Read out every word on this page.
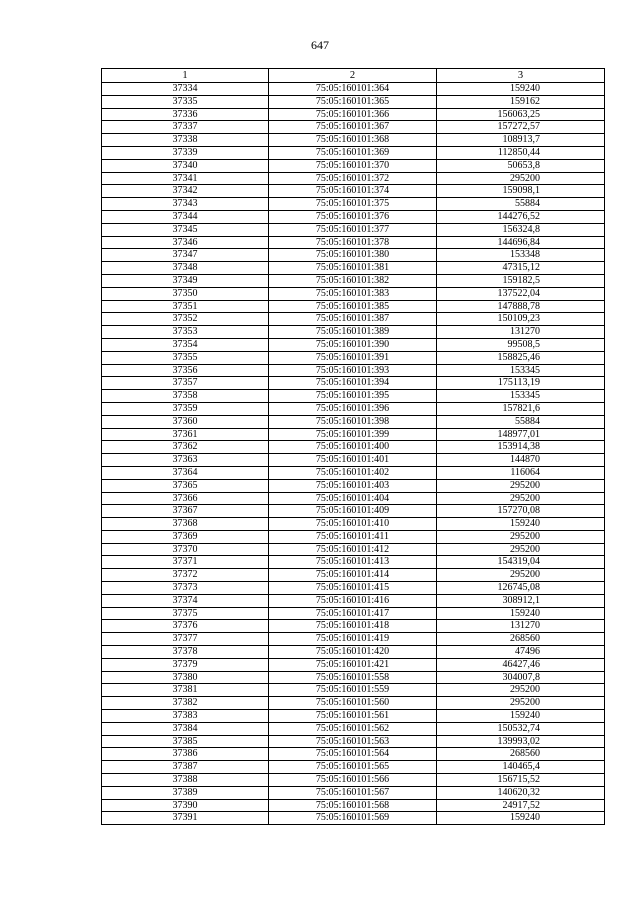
647
1	2	3
37334	75:05:160101:364	159240
37335	75:05:160101:365	159162
37336	75:05:160101:366	156063,25
37337	75:05:160101:367	157272,57
37338	75:05:160101:368	108913,7
37339	75:05:160101:369	112850,44
37340	75:05:160101:370	50653,8
37341	75:05:160101:372	295200
37342	75:05:160101:374	159098,1
37343	75:05:160101:375	55884
37344	75:05:160101:376	144276,52
37345	75:05:160101:377	156324,8
37346	75:05:160101:378	144696,84
37347	75:05:160101:380	153348
37348	75:05:160101:381	47315,12
37349	75:05:160101:382	159182,5
37350	75:05:160101:383	137522,04
37351	75:05:160101:385	147888,78
37352	75:05:160101:387	150109,23
37353	75:05:160101:389	131270
37354	75:05:160101:390	99508,5
37355	75:05:160101:391	158825,46
37356	75:05:160101:393	153345
37357	75:05:160101:394	175113,19
37358	75:05:160101:395	153345
37359	75:05:160101:396	157821,6
37360	75:05:160101:398	55884
37361	75:05:160101:399	148977,01
37362	75:05:160101:400	153914,38
37363	75:05:160101:401	144870
37364	75:05:160101:402	116064
37365	75:05:160101:403	295200
37366	75:05:160101:404	295200
37367	75:05:160101:409	157270,08
37368	75:05:160101:410	159240
37369	75:05:160101:411	295200
37370	75:05:160101:412	295200
37371	75:05:160101:413	154319,04
37372	75:05:160101:414	295200
37373	75:05:160101:415	126745,08
37374	75:05:160101:416	308912,1
37375	75:05:160101:417	159240
37376	75:05:160101:418	131270
37377	75:05:160101:419	268560
37378	75:05:160101:420	47496
37379	75:05:160101:421	46427,46
37380	75:05:160101:558	304007,8
37381	75:05:160101:559	295200
37382	75:05:160101:560	295200
37383	75:05:160101:561	159240
37384	75:05:160101:562	150532,74
37385	75:05:160101:563	139993,02
37386	75:05:160101:564	268560
37387	75:05:160101:565	140465,4
37388	75:05:160101:566	156715,52
37389	75:05:160101:567	140620,32
37390	75:05:160101:568	24917,52
37391	75:05:160101:569	159240
